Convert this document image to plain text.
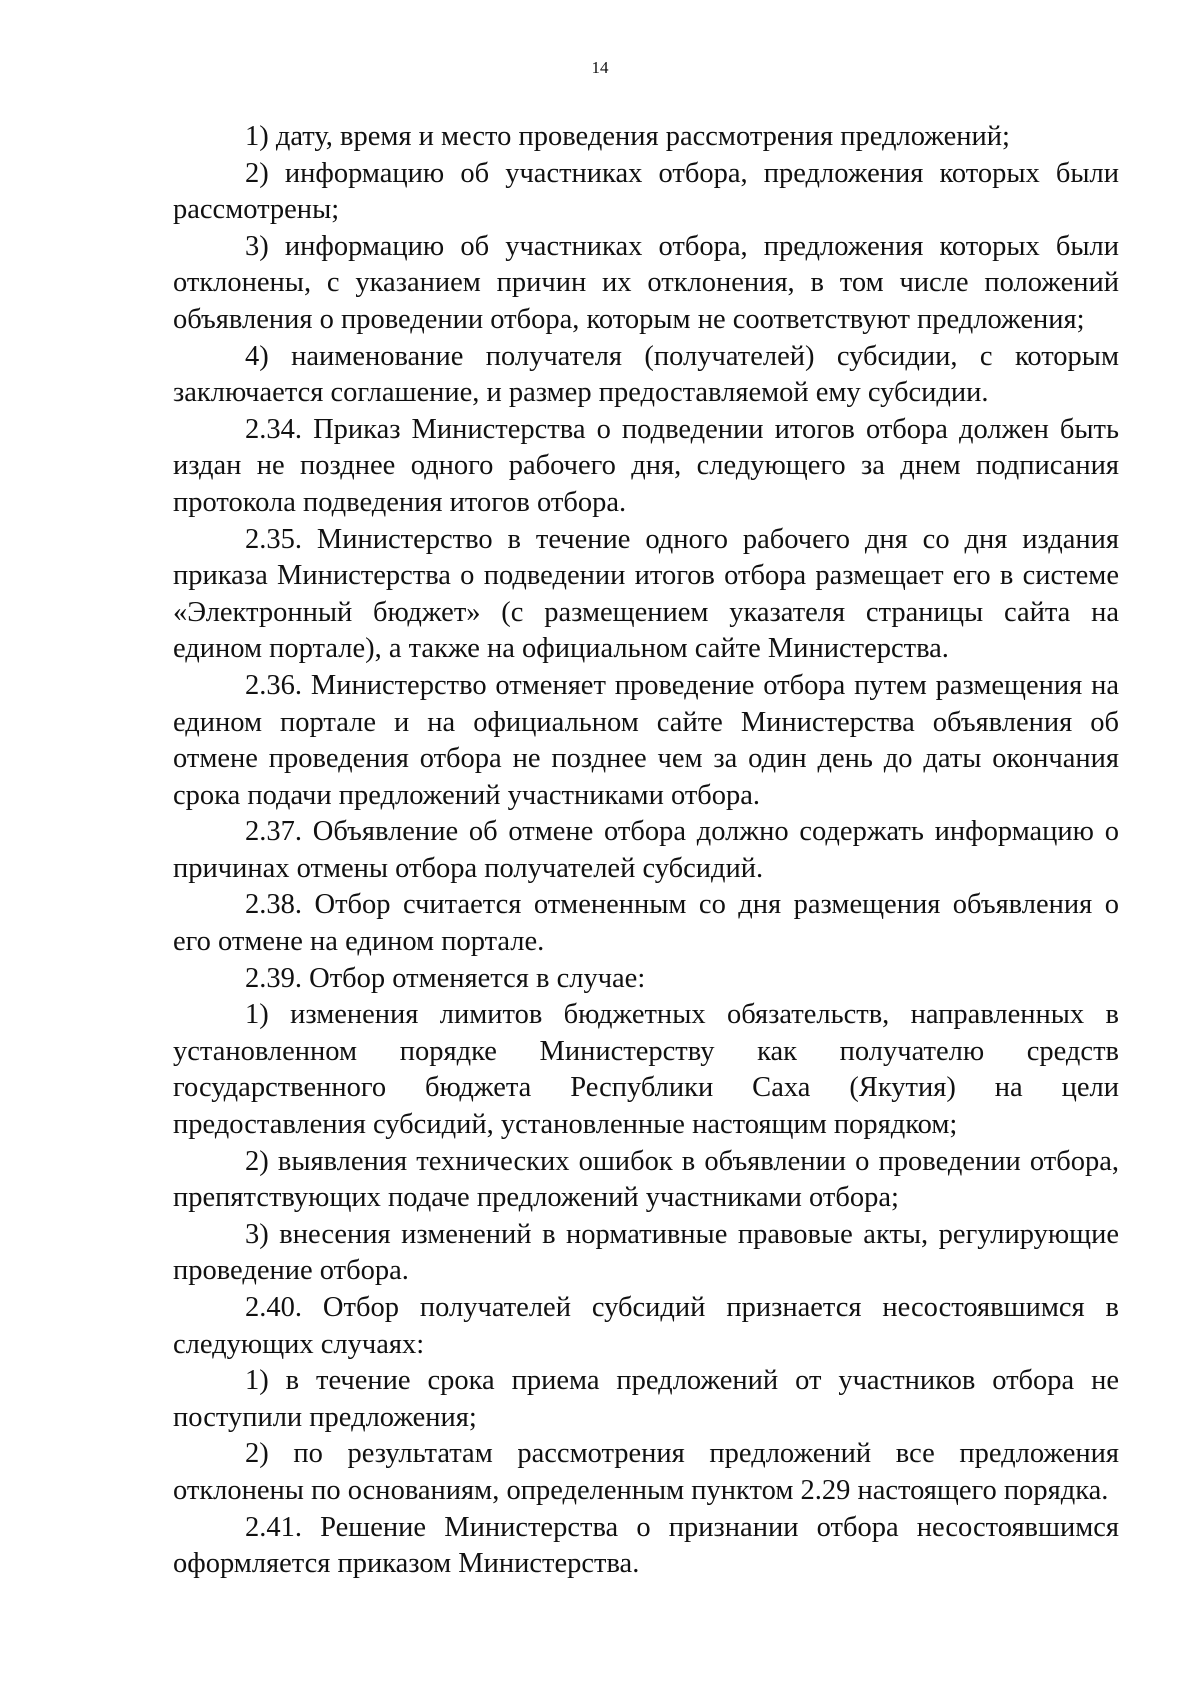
14

1) дату, время и место проведения рассмотрения предложений;

2) информацию об участниках отбора, предложения которых были рассмотрены;

3) информацию об участниках отбора, предложения которых были отклонены, с указанием причин их отклонения, в том числе положений объявления о проведении отбора, которым не соответствуют предложения;

4) наименование получателя (получателей) субсидии, с которым заключается соглашение, и размер предоставляемой ему субсидии.

2.34. Приказ Министерства о подведении итогов отбора должен быть издан не позднее одного рабочего дня, следующего за днем подписания протокола подведения итогов отбора.

2.35. Министерство в течение одного рабочего дня со дня издания приказа Министерства о подведении итогов отбора размещает его в системе «Электронный бюджет» (с размещением указателя страницы сайта на едином портале), а также на официальном сайте Министерства.

2.36. Министерство отменяет проведение отбора путем размещения на едином портале и на официальном сайте Министерства объявления об отмене проведения отбора не позднее чем за один день до даты окончания срока подачи предложений участниками отбора.

2.37. Объявление об отмене отбора должно содержать информацию о причинах отмены отбора получателей субсидий.

2.38. Отбор считается отмененным со дня размещения объявления о его отмене на едином портале.

2.39. Отбор отменяется в случае:

1) изменения лимитов бюджетных обязательств, направленных в установленном порядке Министерству как получателю средств государственного бюджета Республики Саха (Якутия) на цели предоставления субсидий, установленные настоящим порядком;

2) выявления технических ошибок в объявлении о проведении отбора, препятствующих подаче предложений участниками отбора;

3) внесения изменений в нормативные правовые акты, регулирующие проведение отбора.

2.40. Отбор получателей субсидий признается несостоявшимся в следующих случаях:

1) в течение срока приема предложений от участников отбора не поступили предложения;

2) по результатам рассмотрения предложений все предложения отклонены по основаниям, определенным пунктом 2.29 настоящего порядка.

2.41. Решение Министерства о признании отбора несостоявшимся оформляется приказом Министерства.
